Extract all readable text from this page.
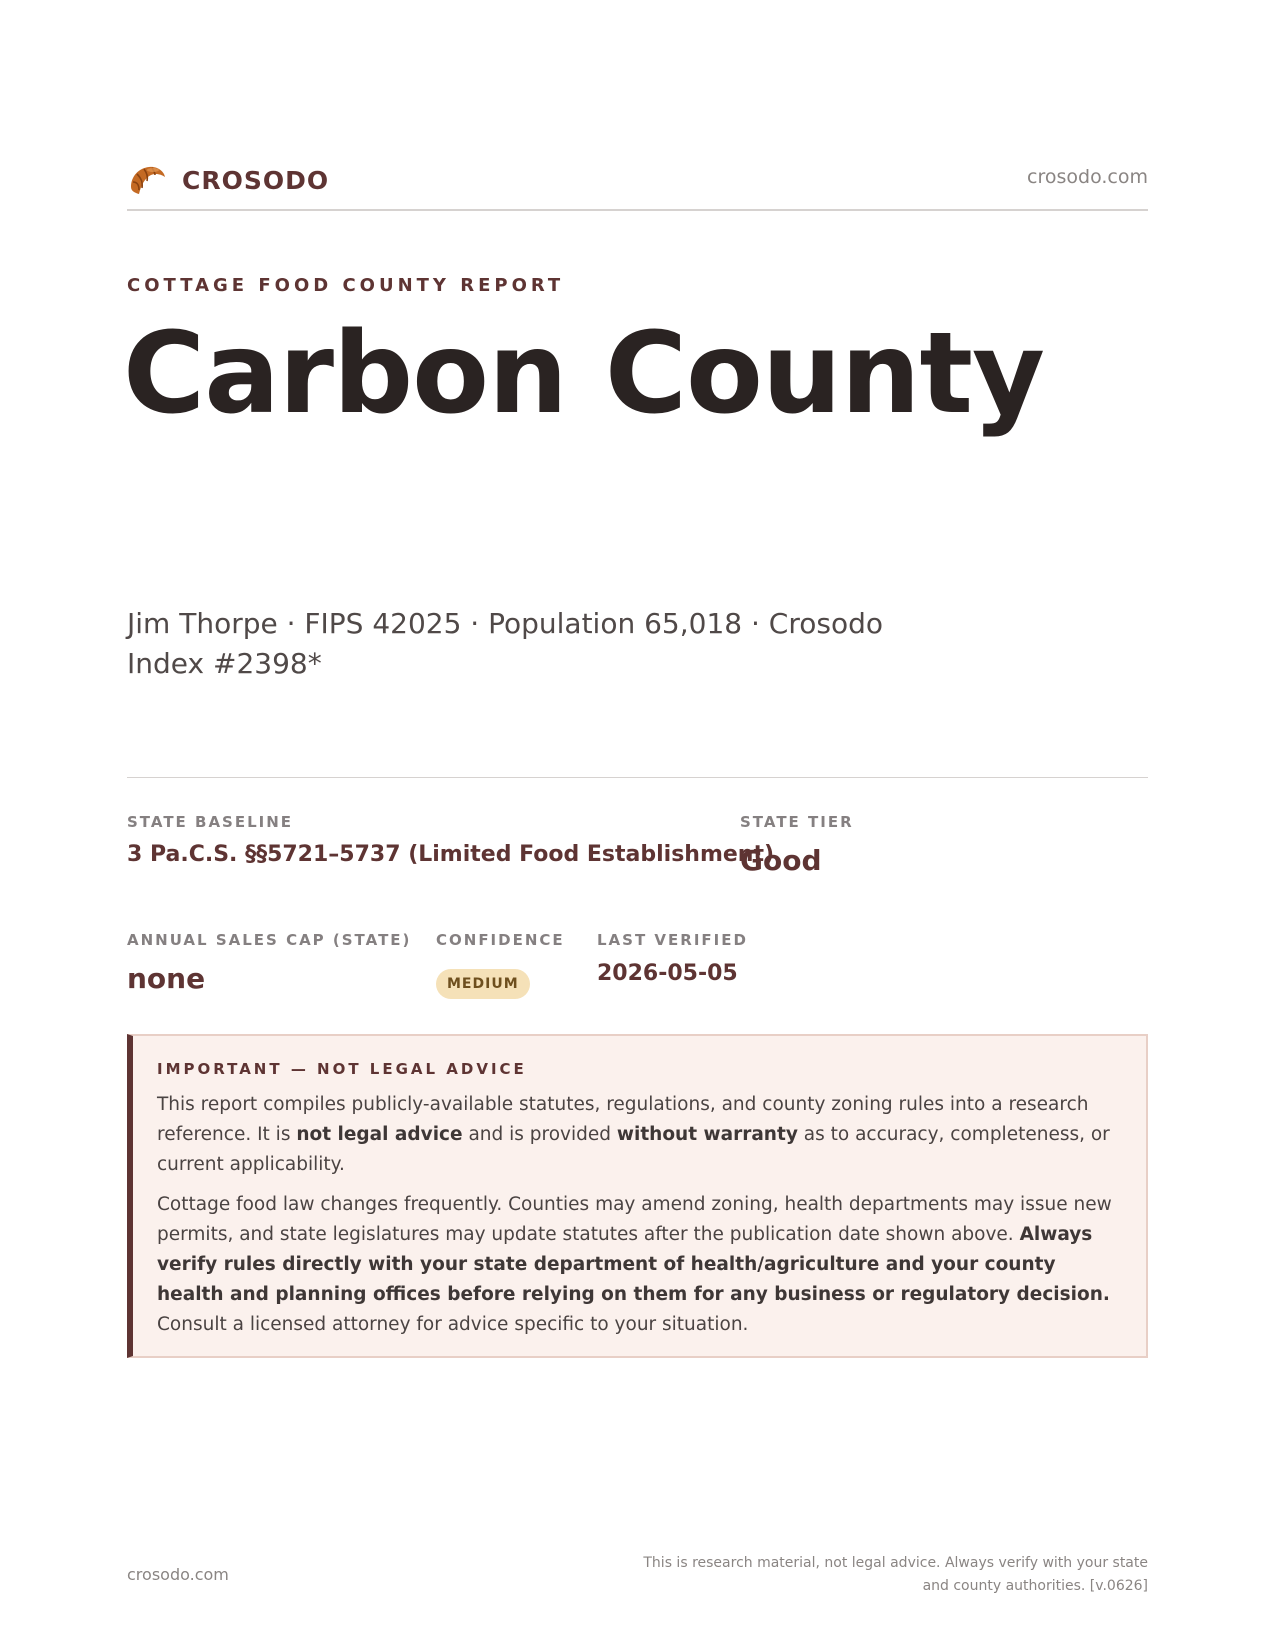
CROSODO	crosodo.com
COTTAGE FOOD COUNTY REPORT
Carbon County
Jim Thorpe · FIPS 42025 · Population 65,018 · Crosodo Index #2398*
STATE BASELINE
3 Pa.C.S. §§5721–5737 (Limited Food Establishment)
STATE TIER
Good
ANNUAL SALES CAP (STATE)
none
CONFIDENCE
MEDIUM
LAST VERIFIED
2026-05-05
IMPORTANT — NOT LEGAL ADVICE

This report compiles publicly-available statutes, regulations, and county zoning rules into a research reference. It is not legal advice and is provided without warranty as to accuracy, completeness, or current applicability.

Cottage food law changes frequently. Counties may amend zoning, health departments may issue new permits, and state legislatures may update statutes after the publication date shown above. Always verify rules directly with your state department of health/agriculture and your county health and planning offices before relying on them for any business or regulatory decision. Consult a licensed attorney for advice specific to your situation.

crosodo.com
This is research material, not legal advice. Always verify with your state and county authorities. [v.0626]
